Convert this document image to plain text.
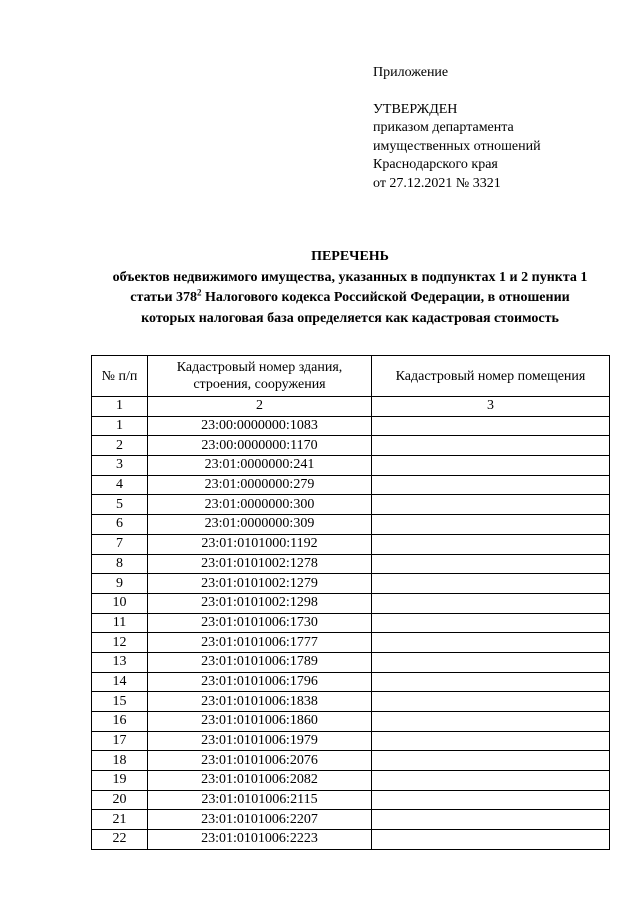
Приложение
УТВЕРЖДЕН
приказом департамента
имущественных отношений
Краснодарского края
от 27.12.2021 № 3321
ПЕРЕЧЕНЬ
объектов недвижимого имущества, указанных в подпунктах 1 и 2 пункта 1
статьи $378^2$ Налогового кодекса Российской Федерации, в отношении
которых налоговая база определяется как кадастровая стоимость
№ п/п	Кадастровый номер здания, строения, сооружения	Кадастровый номер помещения
1	2	3
1	23:00:0000000:1083	
2	23:00:0000000:1170	
3	23:01:0000000:241	
4	23:01:0000000:279	
5	23:01:0000000:300	
6	23:01:0000000:309	
7	23:01:0101000:1192	
8	23:01:0101002:1278	
9	23:01:0101002:1279	
10	23:01:0101002:1298	
11	23:01:0101006:1730	
12	23:01:0101006:1777	
13	23:01:0101006:1789	
14	23:01:0101006:1796	
15	23:01:0101006:1838	
16	23:01:0101006:1860	
17	23:01:0101006:1979	
18	23:01:0101006:2076	
19	23:01:0101006:2082	
20	23:01:0101006:2115	
21	23:01:0101006:2207	
22	23:01:0101006:2223	
